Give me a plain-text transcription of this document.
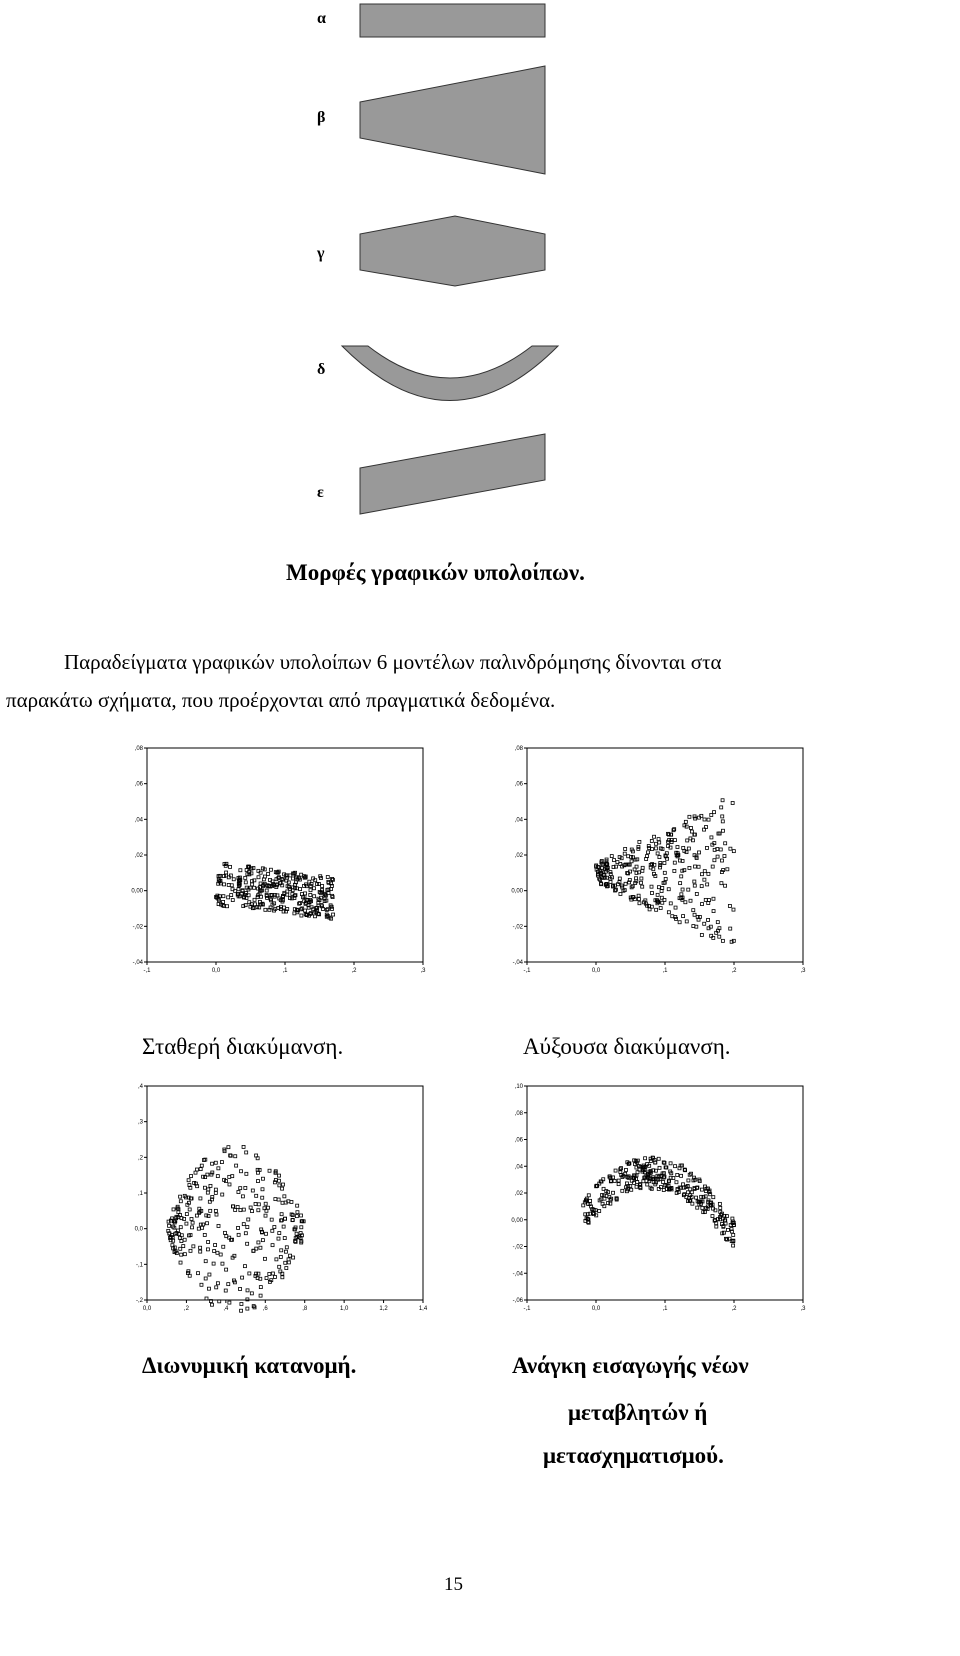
α
β
γ
δ
ε
Μορφές γραφικών υπολοίπων.
Παραδείγματα γραφικών υπολοίπων 6 μοντέλων παλινδρόμησης δίνονται στα
παρακάτω σχήματα, που προέρχονται από πραγματικά δεδομένα.
-,1	0,0	,1	,2	,3
,08
,06
,04
,02
0,00
-,02
-,04
-,1	0,0	,1	,2	,3
,08
,06
,04
,02
0,00
-,02
-,04
Σταθερή διακύμανση.	Αύξουσα διακύμανση.
0,0	,2	,4	,6	,8	1,0	1,2	1,4
,4
,3
,2
,1
0,0
-,1
-,2
-,1	0,0	,1	,2	,3
,10
,08
,06
,04
,02
0,00
-,02
-,04
-,06
Διωνυμική κατανομή.	Ανάγκη εισαγωγής νέων
μεταβλητών ή
μετασχηματισμού.
15
